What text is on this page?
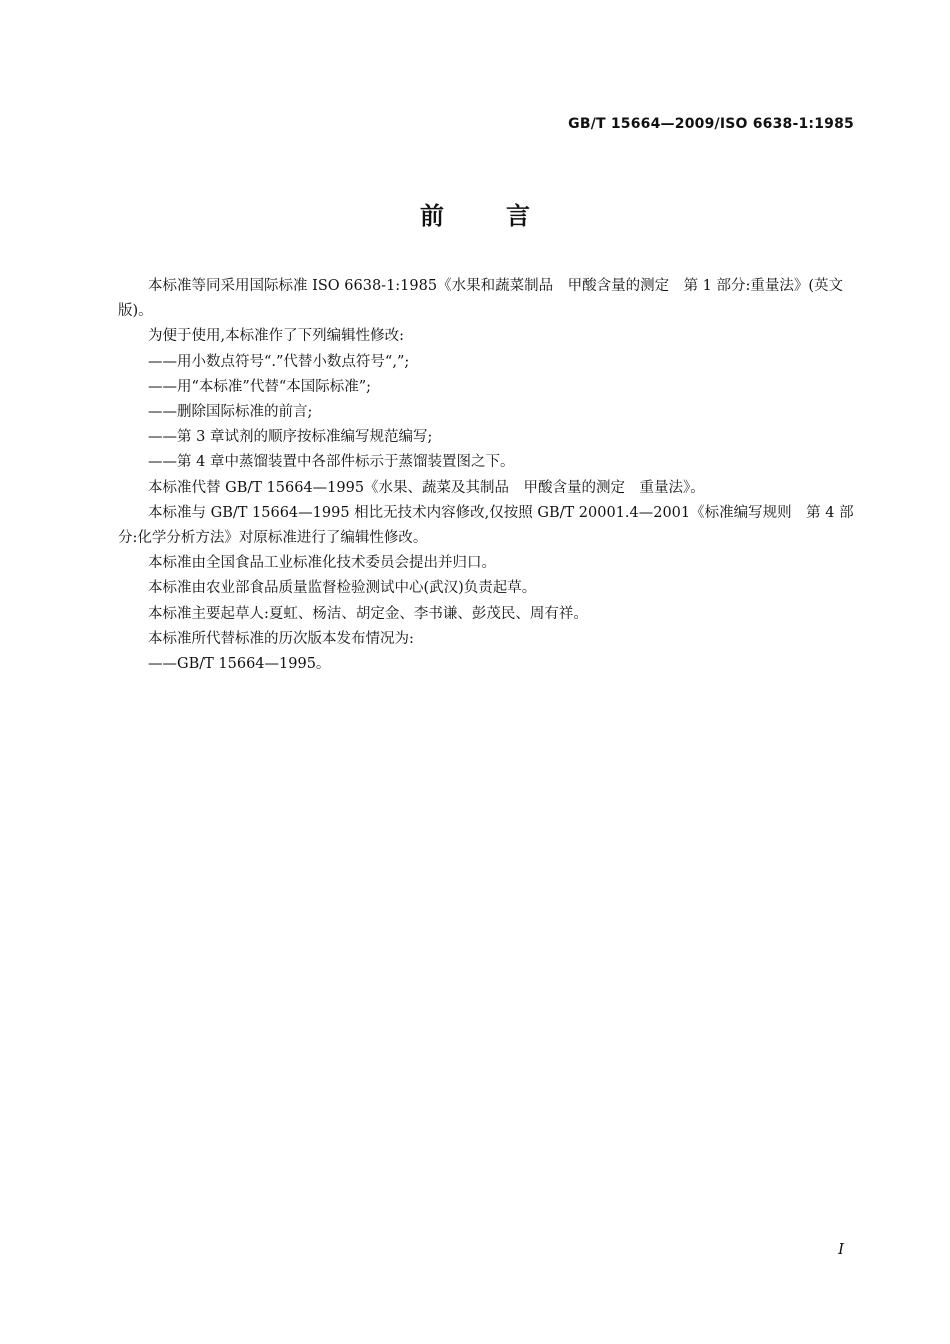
GB/T 15664—2009/ISO 6638-1:1985
前言

本标准等同采用国际标准 ISO 6638-1:1985《水果和蔬菜制品　甲酸含量的测定　第 1 部分:重量法》(英文版)。

为便于使用,本标准作了下列编辑性修改:

——用小数点符号“.”代替小数点符号“,”;

——用“本标准”代替“本国际标准”;

——删除国际标准的前言;

——第 3 章试剂的顺序按标准编写规范编写;

——第 4 章中蒸馏装置中各部件标示于蒸馏装置图之下。

本标准代替 GB/T 15664—1995《水果、蔬菜及其制品　甲酸含量的测定　重量法》。

本标准与 GB/T 15664—1995 相比无技术内容修改,仅按照 GB/T 20001.4—2001《标准编写规则　第 4 部分:化学分析方法》对原标准进行了编辑性修改。

本标准由全国食品工业标准化技术委员会提出并归口。

本标准由农业部食品质量监督检验测试中心(武汉)负责起草。

本标准主要起草人:夏虹、杨洁、胡定金、李书谦、彭茂民、周有祥。

本标准所代替标准的历次版本发布情况为:

——GB/T 15664—1995。

I
